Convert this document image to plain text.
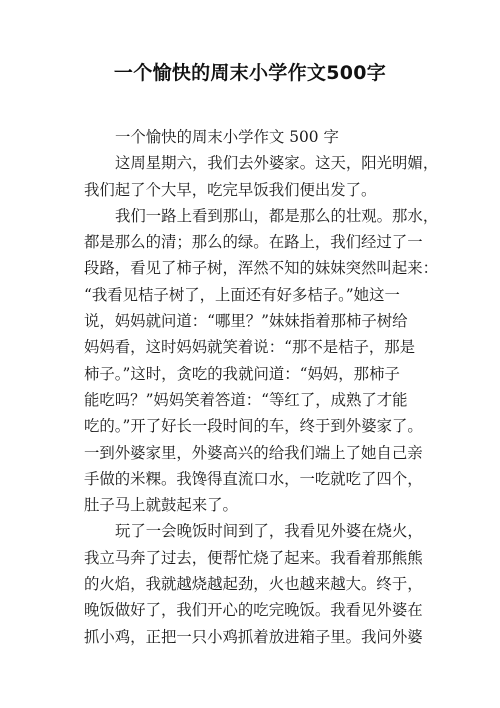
一个愉快的周末小学作文500字
一个愉快的周末小学作文 500 字
这周星期六，我们去外婆家。这天，阳光明媚，
我们起了个大早，吃完早饭我们便出发了。
我们一路上看到那山，都是那么的壮观。那水，
都是那么的清；那么的绿。在路上，我们经过了一
段路，看见了柿子树，浑然不知的妹妹突然叫起来：
“我看见桔子树了，上面还有好多桔子。”她这一
说，妈妈就问道：“哪里？”妹妹指着那柿子树给
妈妈看，这时妈妈就笑着说：“那不是桔子，那是
柿子。”这时，贪吃的我就问道：“妈妈，那柿子
能吃吗？”妈妈笑着答道：“等红了，成熟了才能
吃的。”开了好长一段时间的车，终于到外婆家了。
一到外婆家里，外婆高兴的给我们端上了她自己亲
手做的米粿。我馋得直流口水，一吃就吃了四个，
肚子马上就鼓起来了。
玩了一会晚饭时间到了，我看见外婆在烧火，
我立马奔了过去，便帮忙烧了起来。我看着那熊熊
的火焰，我就越烧越起劲，火也越来越大。终于，
晚饭做好了，我们开心的吃完晚饭。我看见外婆在
抓小鸡，正把一只小鸡抓着放进箱子里。我问外婆
